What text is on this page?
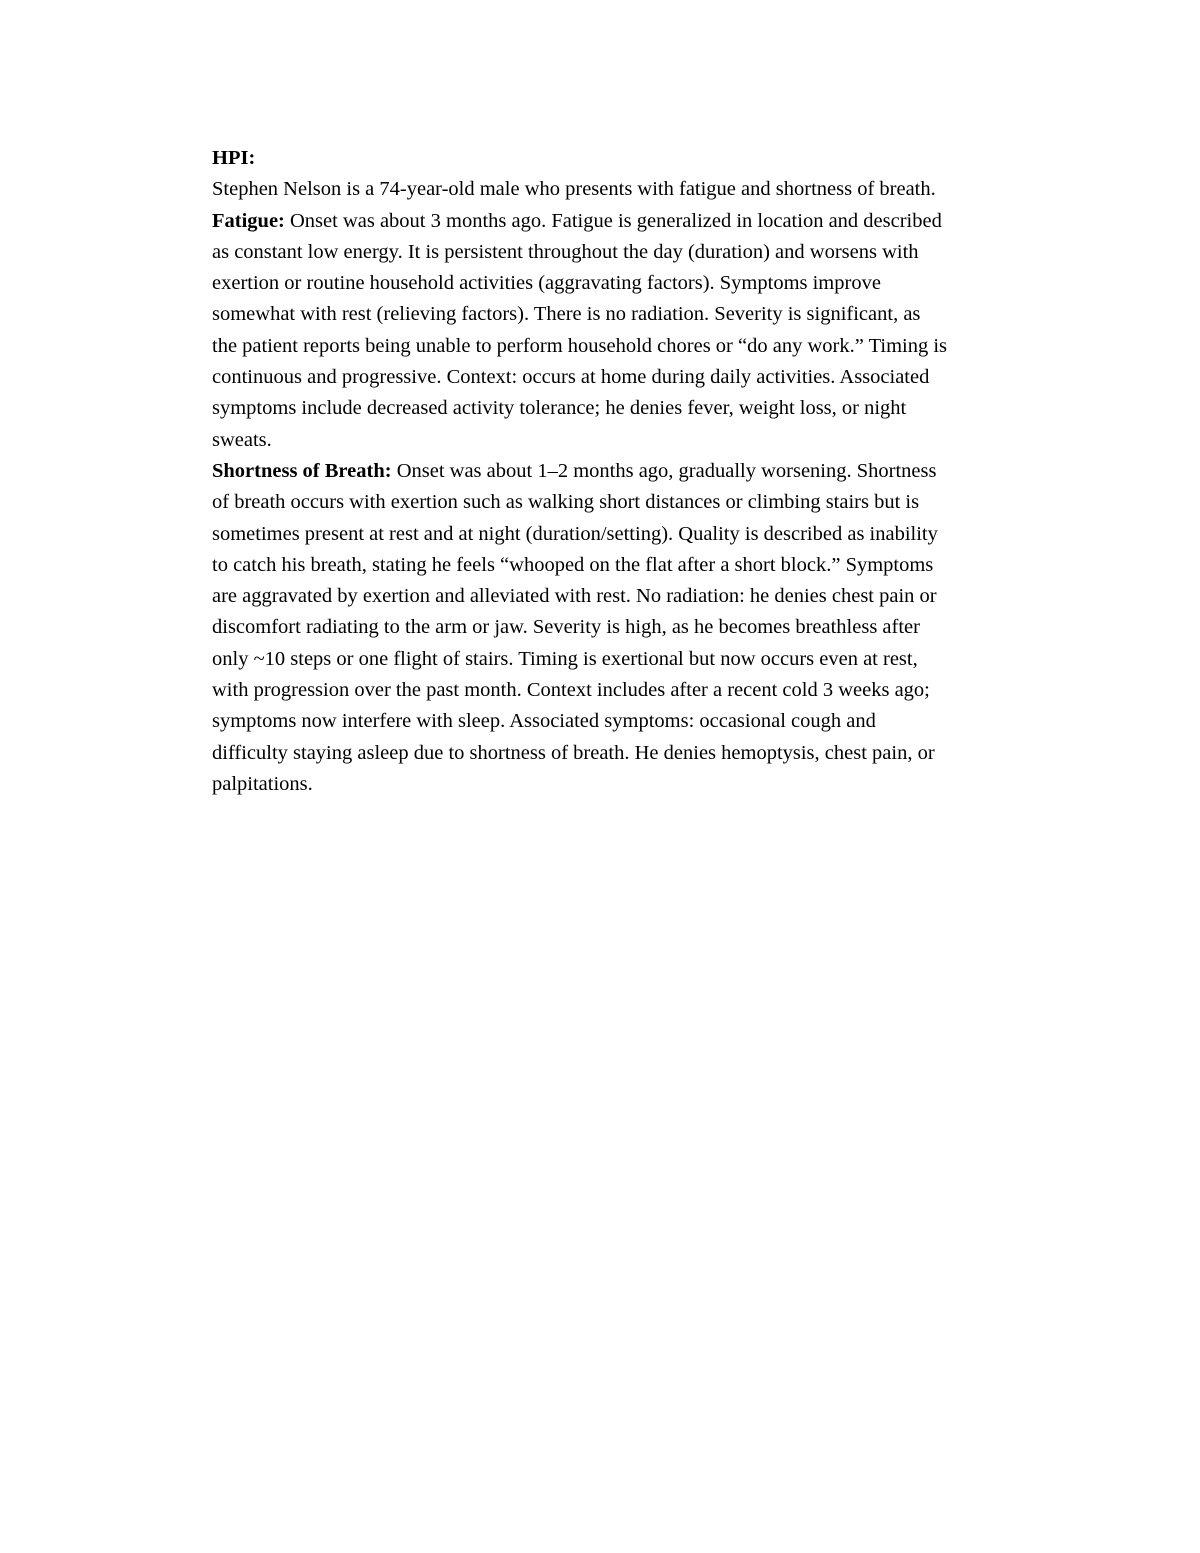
HPI:
Stephen Nelson is a 74-year-old male who presents with fatigue and shortness of breath.
Fatigue: Onset was about 3 months ago. Fatigue is generalized in location and described
as constant low energy. It is persistent throughout the day (duration) and worsens with
exertion or routine household activities (aggravating factors). Symptoms improve
somewhat with rest (relieving factors). There is no radiation. Severity is significant, as
the patient reports being unable to perform household chores or “do any work.” Timing is
continuous and progressive. Context: occurs at home during daily activities. Associated
symptoms include decreased activity tolerance; he denies fever, weight loss, or night
sweats.
Shortness of Breath: Onset was about 1–2 months ago, gradually worsening. Shortness
of breath occurs with exertion such as walking short distances or climbing stairs but is
sometimes present at rest and at night (duration/setting). Quality is described as inability
to catch his breath, stating he feels “whooped on the flat after a short block.” Symptoms
are aggravated by exertion and alleviated with rest. No radiation: he denies chest pain or
discomfort radiating to the arm or jaw. Severity is high, as he becomes breathless after
only ~10 steps or one flight of stairs. Timing is exertional but now occurs even at rest,
with progression over the past month. Context includes after a recent cold 3 weeks ago;
symptoms now interfere with sleep. Associated symptoms: occasional cough and
difficulty staying asleep due to shortness of breath. He denies hemoptysis, chest pain, or
palpitations.
